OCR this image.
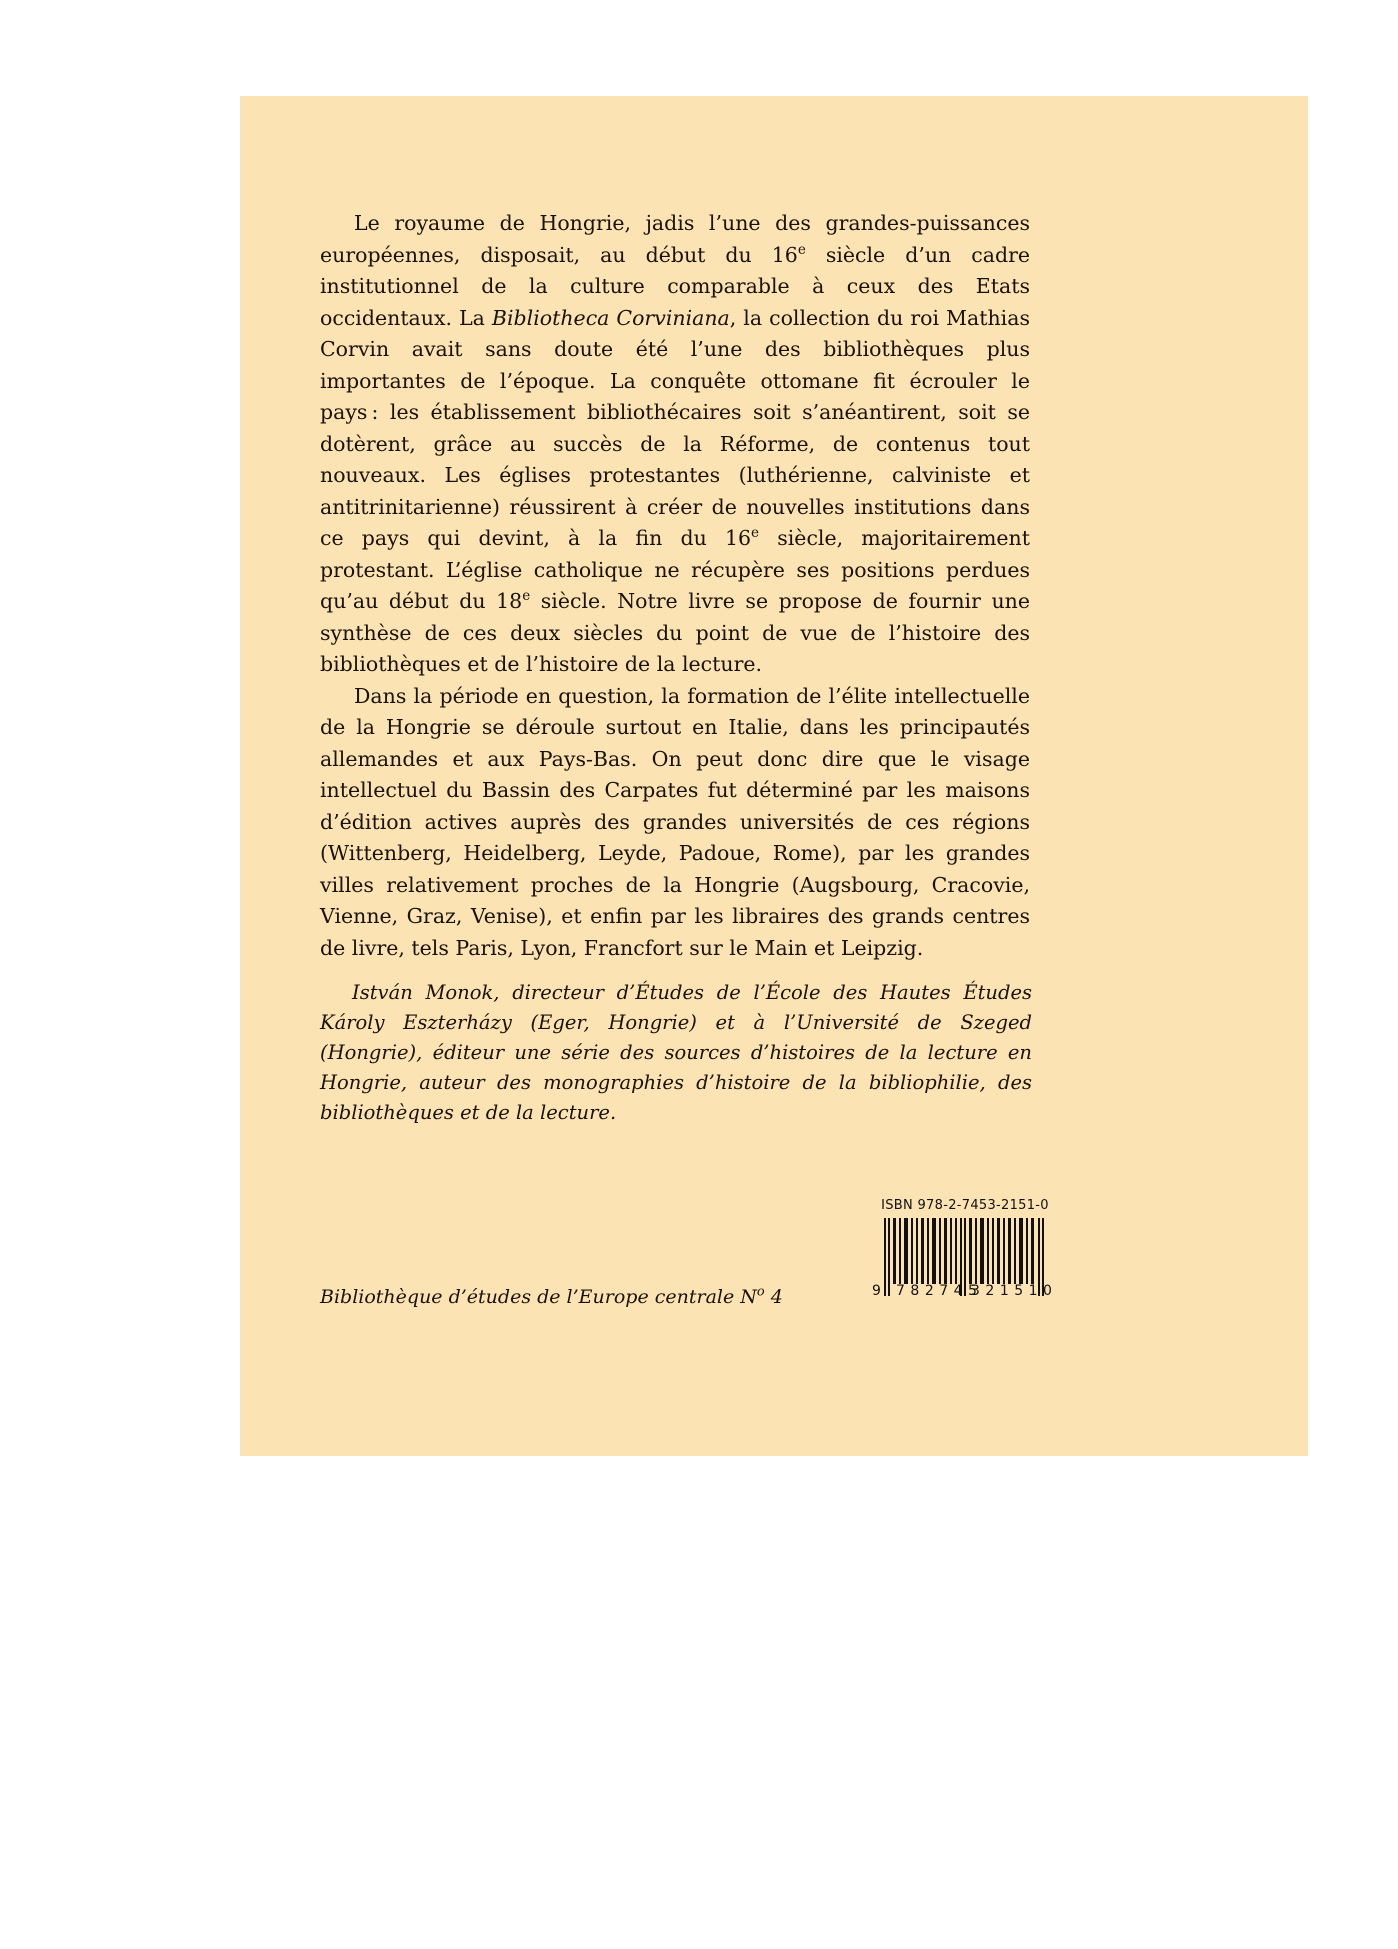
Le royaume de Hongrie, jadis l’une des grandes-puissances européennes, disposait, au début du 16e siècle d’un cadre institutionnel de la culture comparable à ceux des Etats occidentaux. La Bibliotheca Corviniana, la collection du roi Mathias Corvin avait sans doute été l’une des bibliothèques plus importantes de l’époque. La conquête ottomane fit écrouler le pays : les établissement bibliothécaires soit s’anéantirent, soit se dotèrent, grâce au succès de la Réforme, de contenus tout nouveaux. Les églises protestantes (luthérienne, calviniste et antitrinitarienne) réussirent à créer de nouvelles institutions dans ce pays qui devint, à la fin du 16e siècle, majoritairement protestant. L’église catholique ne récupère ses positions perdues qu’au début du 18e siècle. Notre livre se propose de fournir une synthèse de ces deux siècles du point de vue de l’histoire des bibliothèques et de l’histoire de la lecture.

Dans la période en question, la formation de l’élite intellectuelle de la Hongrie se déroule surtout en Italie, dans les principautés allemandes et aux Pays-Bas. On peut donc dire que le visage intellectuel du Bassin des Carpates fut déterminé par les maisons d’édition actives auprès des grandes universités de ces régions (Wittenberg, Heidelberg, Leyde, Padoue, Rome), par les grandes villes relativement proches de la Hongrie (Augsbourg, Cracovie, Vienne, Graz, Venise), et enfin par les libraires des grands centres de livre, tels Paris, Lyon, Francfort sur le Main et Leipzig.

István Monok, directeur d’Études de l’École des Hautes Études Károly Eszterházy (Eger, Hongrie) et à l’Université de Szeged (Hongrie), éditeur une série des sources d’histoires de la lecture en Hongrie, auteur des monographies d’histoire de la bibliophilie, des bibliothèques et de la lecture.

Bibliothèque d’études de l’Europe centrale $N^o$ 4
ISBN 978-2-7453-2151-0
9 782745
321510
